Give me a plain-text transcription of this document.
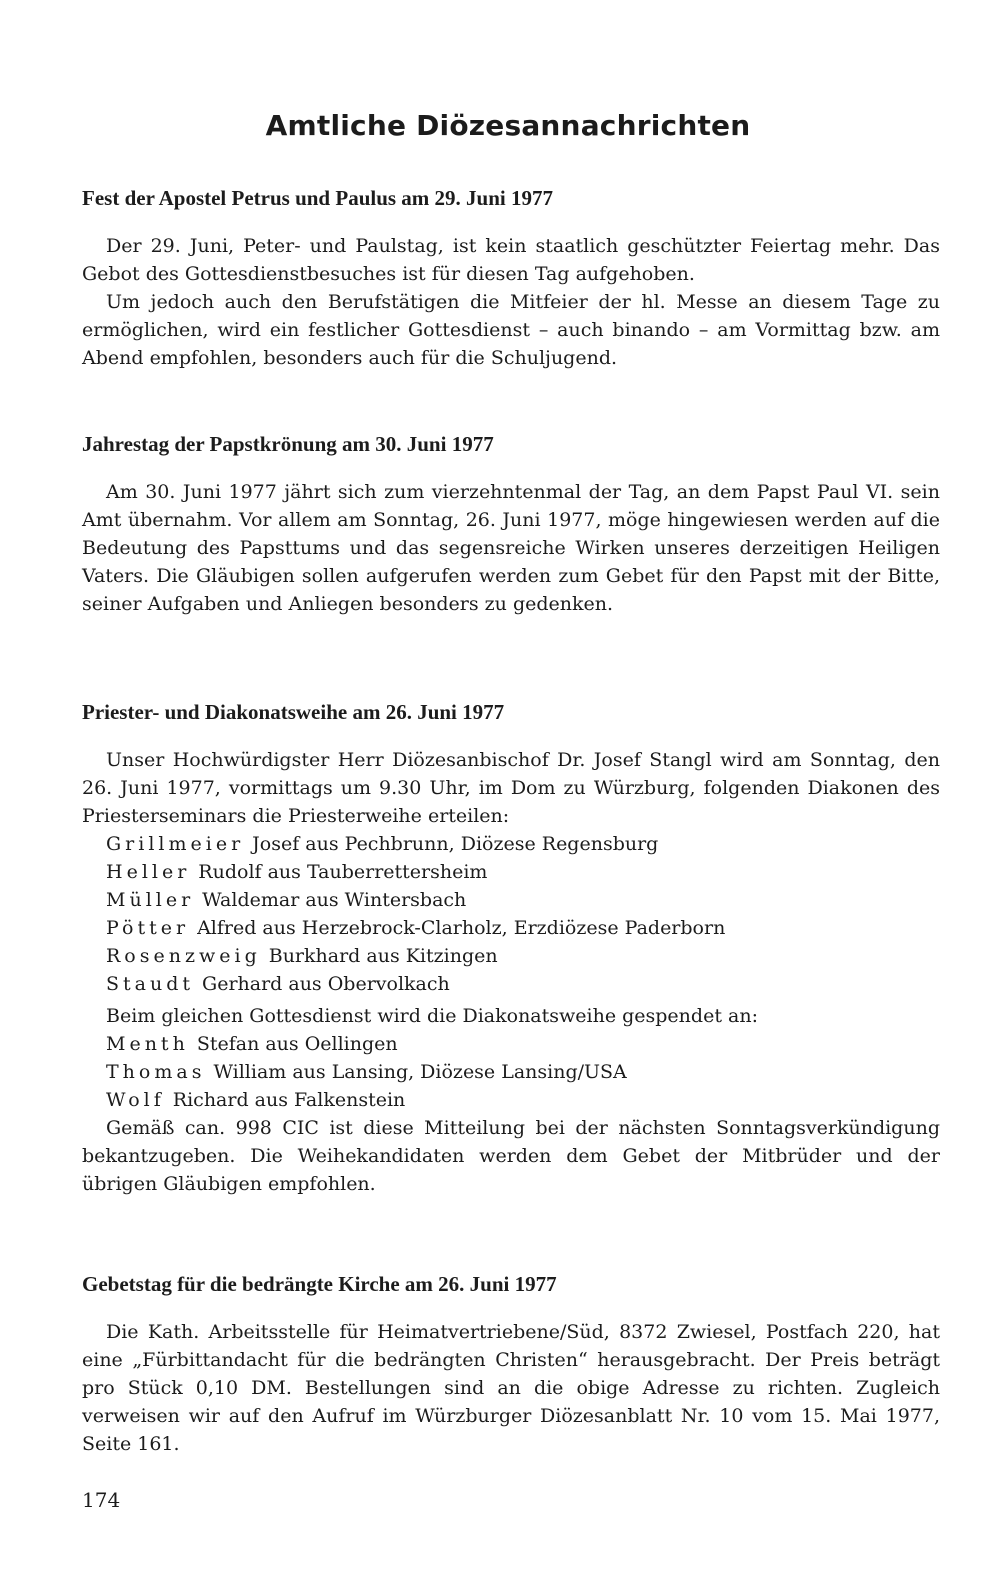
Amtliche Diözesannachrichten
Fest der Apostel Petrus und Paulus am 29. Juni 1977

Der 29. Juni, Peter- und Paulstag, ist kein staatlich geschützter Feiertag mehr. Das Gebot des Gottesdienstbesuches ist für diesen Tag aufgehoben.

Um jedoch auch den Berufstätigen die Mitfeier der hl. Messe an diesem Tage zu ermöglichen, wird ein festlicher Gottesdienst – auch binando – am Vormittag bzw. am Abend empfohlen, besonders auch für die Schuljugend.

Jahrestag der Papstkrönung am 30. Juni 1977

Am 30. Juni 1977 jährt sich zum vierzehntenmal der Tag, an dem Papst Paul VI. sein Amt übernahm. Vor allem am Sonntag, 26. Juni 1977, möge hingewiesen werden auf die Bedeutung des Papsttums und das segensreiche Wirken unseres derzeitigen Heiligen Vaters. Die Gläubigen sollen aufgerufen werden zum Gebet für den Papst mit der Bitte, seiner Aufgaben und Anliegen besonders zu gedenken.

Priester- und Diakonatsweihe am 26. Juni 1977

Unser Hochwürdigster Herr Diözesanbischof Dr. Josef Stangl wird am Sonntag, den 26. Juni 1977, vormittags um 9.30 Uhr, im Dom zu Würzburg, folgenden Diakonen des Priesterseminars die Priesterweihe erteilen:

Grillmeier Josef aus Pechbrunn, Diözese Regensburg
Heller Rudolf aus Tauberrettersheim
Müller Waldemar aus Wintersbach
Pötter Alfred aus Herzebrock-Clarholz, Erzdiözese Paderborn
Rosenzweig Burkhard aus Kitzingen
Staudt Gerhard aus Obervolkach

Beim gleichen Gottesdienst wird die Diakonatsweihe gespendet an:

Menth Stefan aus Oellingen
Thomas William aus Lansing, Diözese Lansing/USA
Wolf Richard aus Falkenstein

Gemäß can. 998 CIC ist diese Mitteilung bei der nächsten Sonntagsverkündigung bekantzugeben. Die Weihekandidaten werden dem Gebet der Mitbrüder und der übrigen Gläubigen empfohlen.

Gebetstag für die bedrängte Kirche am 26. Juni 1977

Die Kath. Arbeitsstelle für Heimatvertriebene/Süd, 8372 Zwiesel, Postfach 220, hat eine „Fürbittandacht für die bedrängten Christen“ herausgebracht. Der Preis beträgt pro Stück 0,10 DM. Bestellungen sind an die obige Adresse zu richten. Zugleich verweisen wir auf den Aufruf im Würzburger Diözesanblatt Nr. 10 vom 15. Mai 1977, Seite 161.

174
